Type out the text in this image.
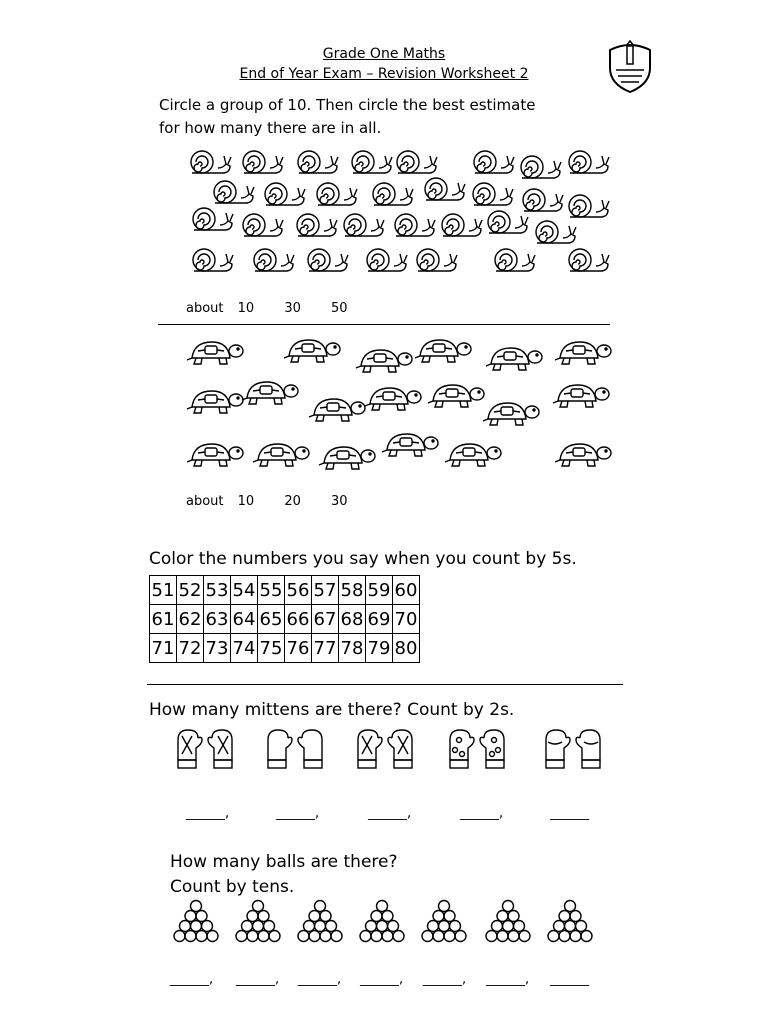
Grade One Maths
End of Year Exam – Revision Worksheet 2
Circle a group of 10. Then circle the best estimate
for how many there are in all.
about 10 30 50
about 10 20 30
Color the numbers you say when you count by 5s.
51	52	53	54	55	56	57	58	59	60
61	62	63	64	65	66	67	68	69	70
71	72	73	74	75	76	77	78	79	80
How many mittens are there? Count by 2s.
______,	______,	______,	______,	______
How many balls are there?
Count by tens.
______, ______, ______, ______, ______, ______, ______
